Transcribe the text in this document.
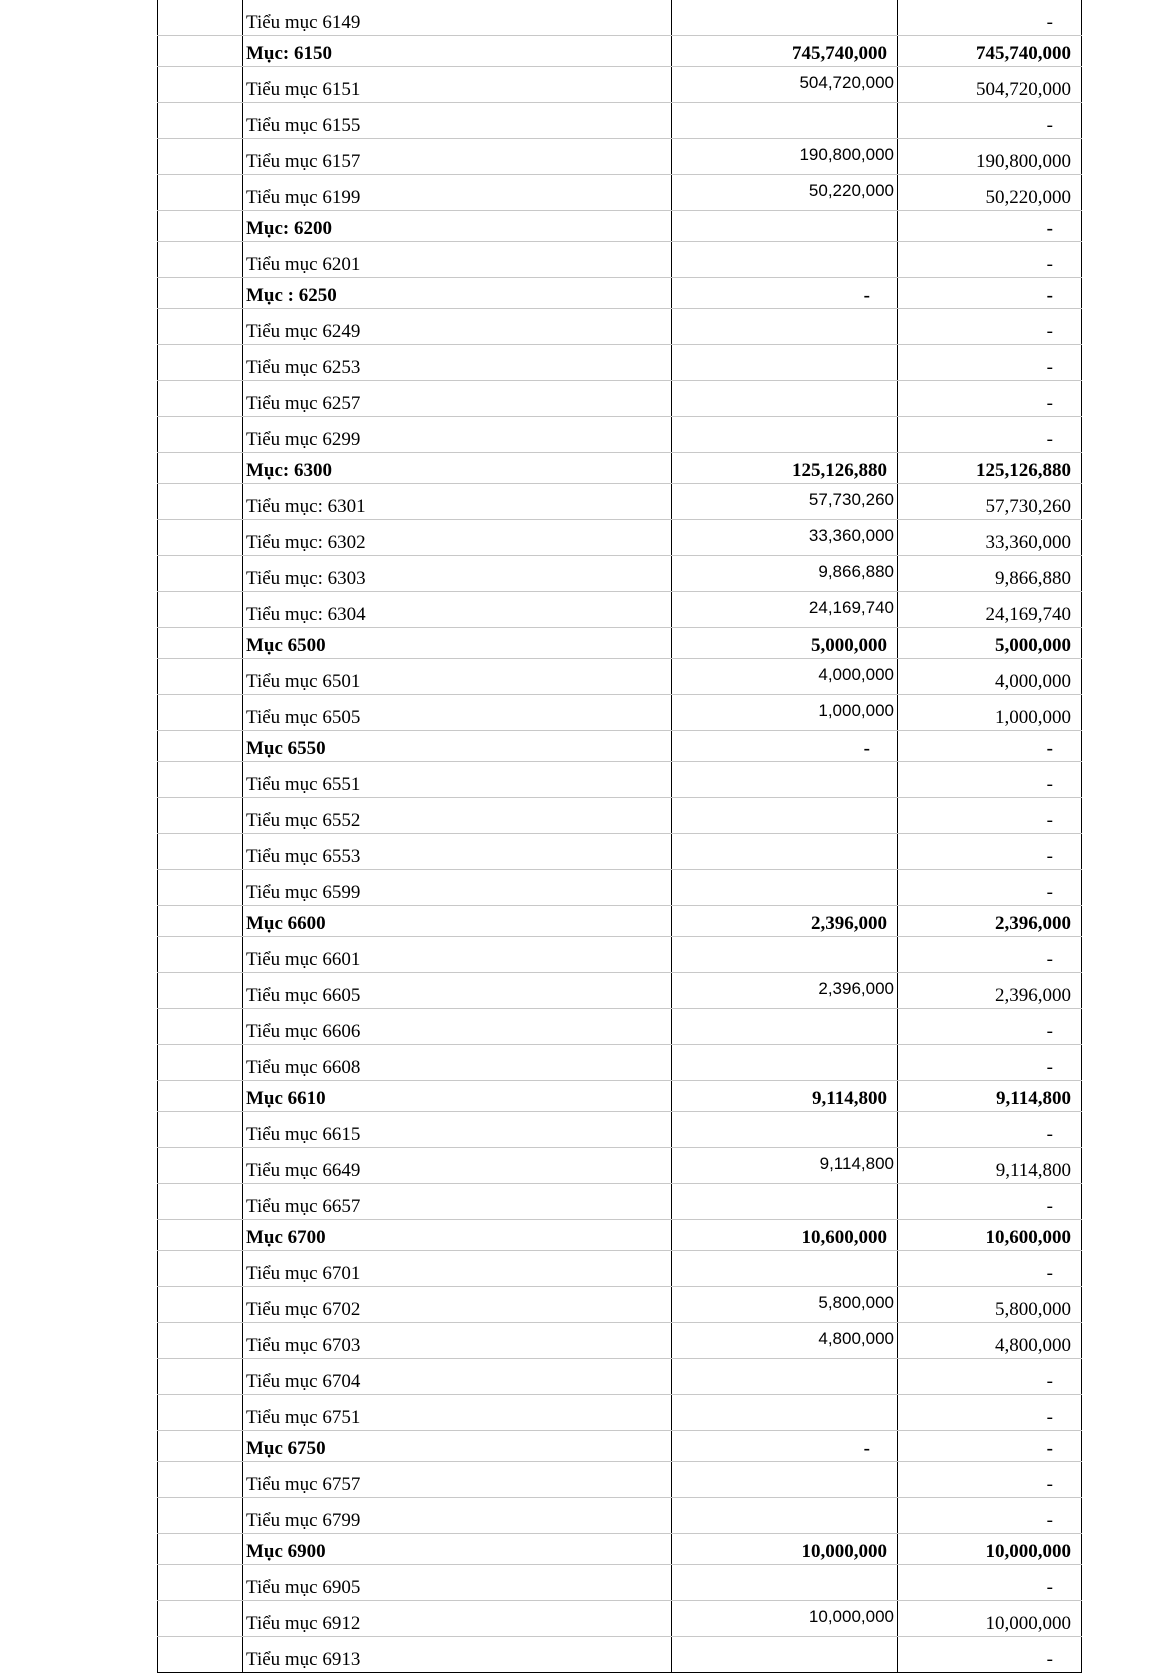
	Tiểu mục 6149		-
	Mục: 6150	745,740,000	745,740,000
	Tiểu mục 6151	504,720,000	504,720,000
	Tiểu mục 6155		-
	Tiểu mục 6157	190,800,000	190,800,000
	Tiểu mục 6199	50,220,000	50,220,000
	Mục: 6200		-
	Tiểu mục 6201		-
	Mục : 6250	-	-
	Tiểu mục 6249		-
	Tiểu mục 6253		-
	Tiểu mục 6257		-
	Tiểu mục 6299		-
	Mục: 6300	125,126,880	125,126,880
	Tiểu mục: 6301	57,730,260	57,730,260
	Tiểu mục: 6302	33,360,000	33,360,000
	Tiểu mục: 6303	9,866,880	9,866,880
	Tiểu mục: 6304	24,169,740	24,169,740
	Mục 6500	5,000,000	5,000,000
	Tiểu mục 6501	4,000,000	4,000,000
	Tiểu mục 6505	1,000,000	1,000,000
	Mục 6550	-	-
	Tiểu mục 6551		-
	Tiểu mục 6552		-
	Tiểu mục 6553		-
	Tiểu mục 6599		-
	Mục 6600	2,396,000	2,396,000
	Tiểu mục 6601		-
	Tiểu mục 6605	2,396,000	2,396,000
	Tiểu mục 6606		-
	Tiểu mục 6608		-
	Mục 6610	9,114,800	9,114,800
	Tiểu mục 6615		-
	Tiểu mục 6649	9,114,800	9,114,800
	Tiểu mục 6657		-
	Mục 6700	10,600,000	10,600,000
	Tiểu mục 6701		-
	Tiểu mục 6702	5,800,000	5,800,000
	Tiểu mục 6703	4,800,000	4,800,000
	Tiểu mục 6704		-
	Tiểu mục 6751		-
	Mục 6750	-	-
	Tiểu mục 6757		-
	Tiểu mục 6799		-
	Mục 6900	10,000,000	10,000,000
	Tiểu mục 6905		-
	Tiểu mục 6912	10,000,000	10,000,000
	Tiểu mục 6913		-
